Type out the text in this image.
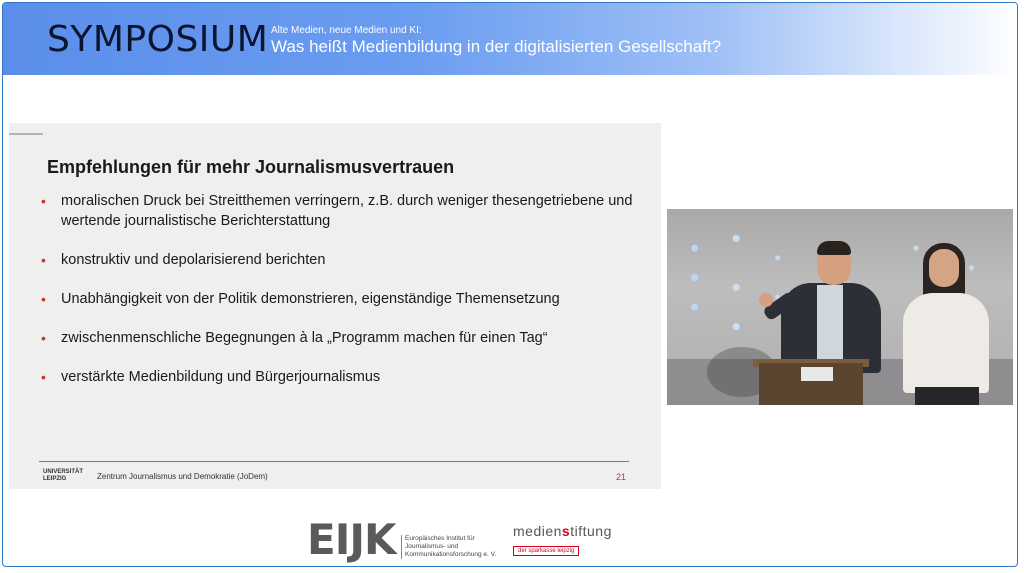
SYMPOSIUM Alte Medien, neue Medien und KI:
Was heißt Medienbildung in der digitalisierten Gesellschaft?
Empfehlungen für mehr Journalismusvertrauen
• moralischen Druck bei Streitthemen verringern, z.B. durch weniger thesengetriebene und wertende journalistische Berichterstattung
• konstruktiv und depolarisierend berichten
• Unabhängigkeit von der Politik demonstrieren, eigenständige Themensetzung
• zwischenmenschliche Begegnungen à la „Programm machen für einen Tag“
• verstärkte Medienbildung und Bürgerjournalismus
UNIVERSITÄT
LEIPZIG	Zentrum Journalismus und Demokratie (JoDem)	21
EIJK Europäisches Institut für
Journalismus- und
Kommunikationsforschung e. V.
medienstiftung
der sparkasse leipzig
